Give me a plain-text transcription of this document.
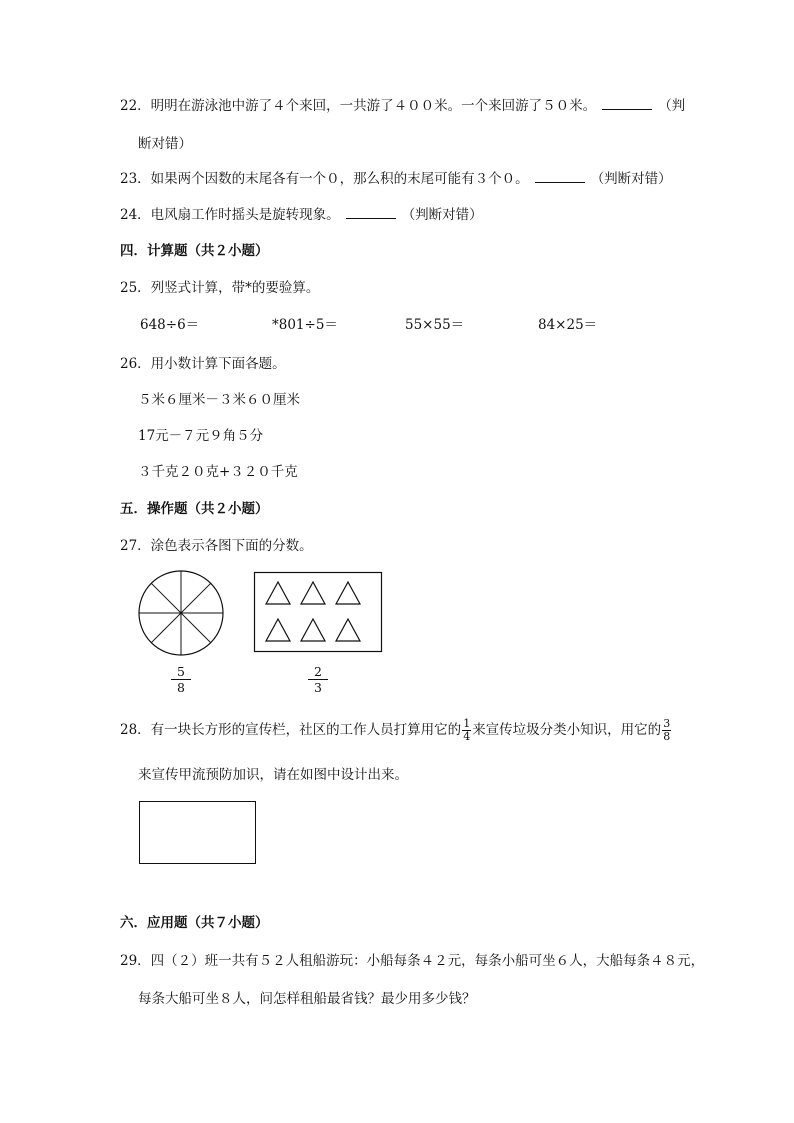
22．明明在游泳池中游了４个来回，一共游了４００米。一个来回游了５０米。	（判
断对错）
23．如果两个因数的末尾各有一个０，那么积的末尾可能有３个０。	（判断对错）
24．电风扇工作时摇头是旋转现象。	（判断对错）
四．计算题（共２小题）
25．列竖式计算，带*的要验算。
648÷6＝	*801÷5＝	55×55＝	84×25＝
26．用小数计算下面各题。
５米６厘米－３米６０厘米
17元－７元９角５分
３千克２０克+３２０千克
五．操作题（共２小题）
27．涂色表示各图下面的分数。
$\frac{5}{8}$	$\frac{2}{3}$
28．有一块长方形的宣传栏，社区的工作人员打算用它的 $\frac{1}{4}$ 来宣传垃圾分类小知识，用它的 $\frac{3}{8}$
来宣传甲流预防加识，请在如图中设计出来。
六．应用题（共７小题）
29．四（２）班一共有５２人租船游玩：小船每条４２元，每条小船可坐６人，大船每条４８元，
每条大船可坐８人，问怎样租船最省钱？最少用多少钱？
